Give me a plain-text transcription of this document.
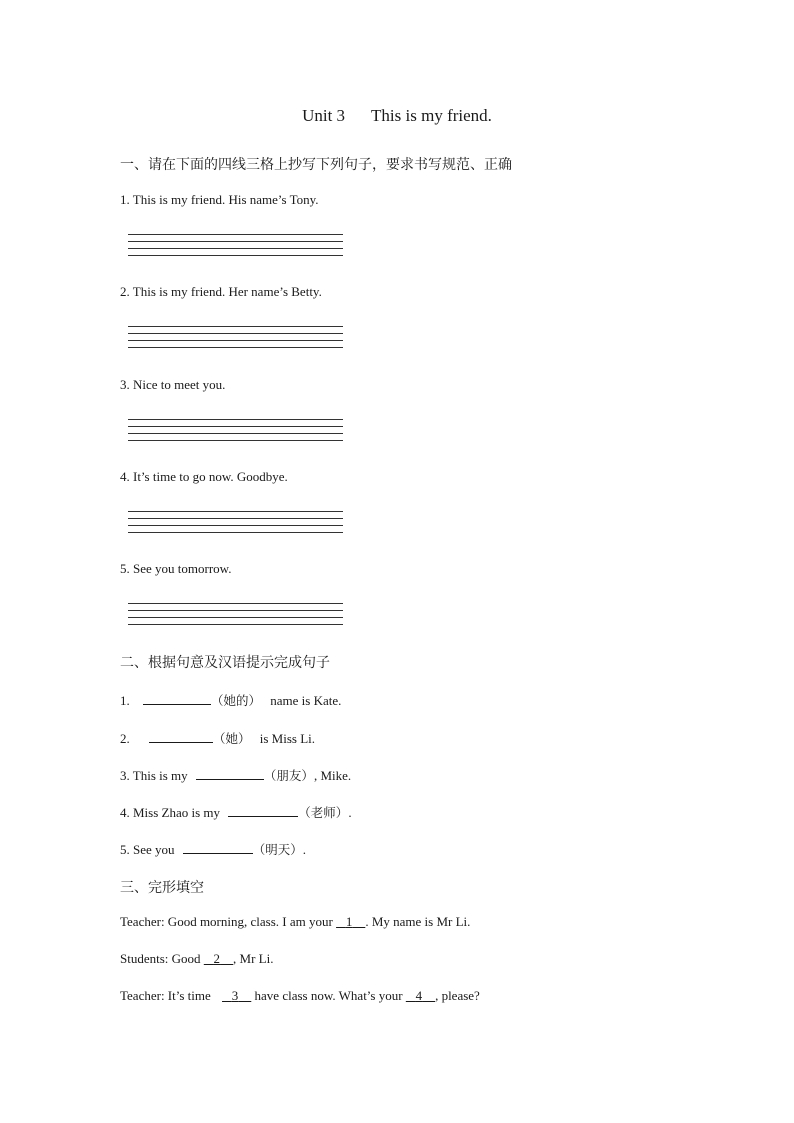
Unit 3 This is my friend.

一、请在下面的四线三格上抄写下列句子，要求书写规范、正确

1. This is my friend. His name’s Tony.

2. This is my friend. Her name’s Betty.

3. Nice to meet you.

4. It’s time to go now. Goodbye.

5. See you tomorrow.

二、根据句意及汉语提示完成句子

1.	（她的） name is Kate.

2.	（她） is Miss Li.

3. This is my	（朋友）, Mike.

4. Miss Zhao is my	（老师）.

5. See you	（明天）.

三、完形填空

Teacher: Good morning, class. I am your    1 . My name is Mr Li.

Students: Good    2 , Mr Li.

Teacher: It’s time    3     have class now. What’s your    4 , please?
